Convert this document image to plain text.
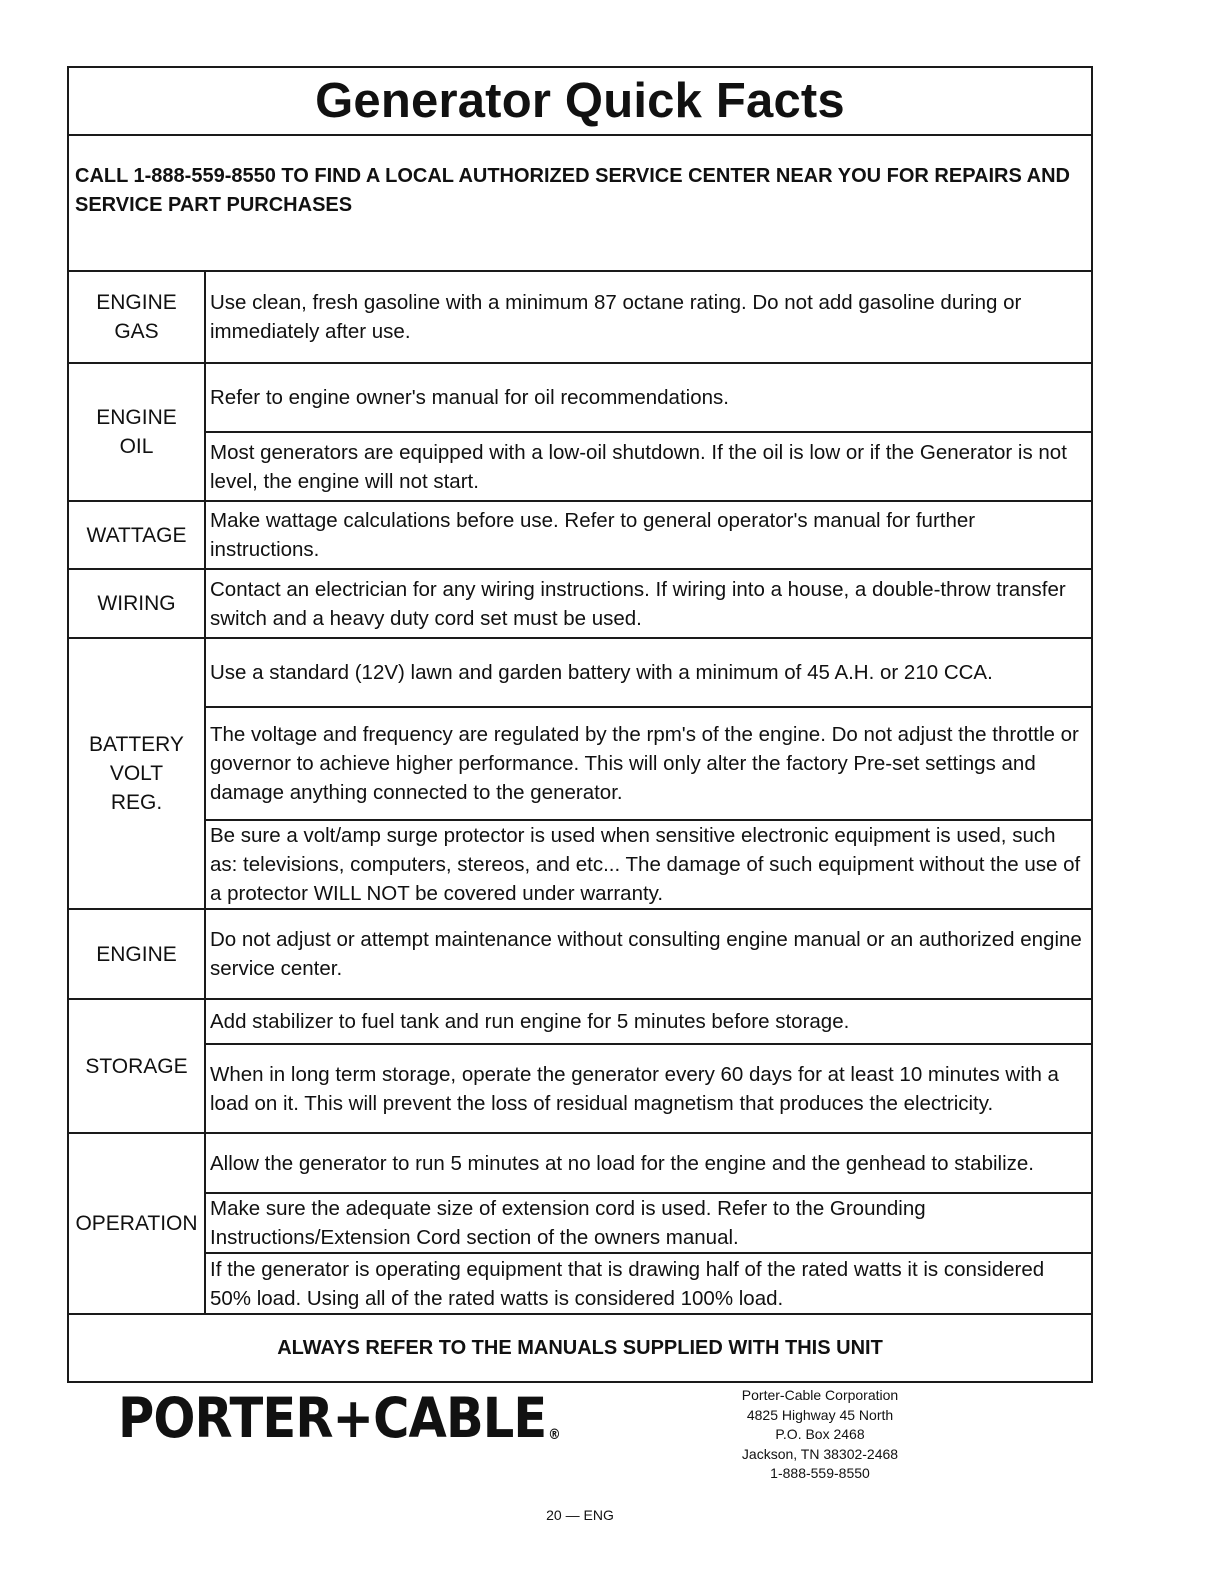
Generator Quick Facts	
CALL 1-888-559-8550 TO FIND A LOCAL AUTHORIZED SERVICE CENTER NEAR YOU FOR REPAIRS AND SERVICE PART PURCHASES	

ENGINE
GAS	Use clean, fresh gasoline with a minimum 87 octane rating. Do not add gasoline during or immediately after use.

ENGINE
OIL	Refer to engine owner's manual for oil recommendations.
	Most generators are equipped with a low-oil shutdown. If the oil is low or if the Generator is not level, the engine will not start.

WATTAGE	Make wattage calculations before use. Refer to general operator's manual for further instructions.

WIRING	Contact an electrician for any wiring instructions. If wiring into a house, a double-throw transfer switch and a heavy duty cord set must be used.

BATTERY
VOLT
REG.	Use a standard (12V) lawn and garden battery with a minimum of 45 A.H. or 210 CCA.
	The voltage and frequency are regulated by the rpm's of the engine. Do not adjust the throttle or governor to achieve higher performance. This will only alter the factory Pre-set settings and damage anything connected to the generator.
	Be sure a volt/amp surge protector is used when sensitive electronic equipment is used, such as: televisions, computers, stereos, and etc... The damage of such equipment without the use of a protector WILL NOT be covered under warranty.

ENGINE	Do not adjust or attempt maintenance without consulting engine manual or an authorized engine service center.

STORAGE	Add stabilizer to fuel tank and run engine for 5 minutes before storage.
	When in long term storage, operate the generator every 60 days for at least 10 minutes with a load on it. This will prevent the loss of residual magnetism that produces the electricity.

OPERATION	Allow the generator to run 5 minutes at no load for the engine and the genhead to stabilize.
	Make sure the adequate size of extension cord is used. Refer to the Grounding Instructions/Extension Cord section of the owners manual.
	If the generator is operating equipment that is drawing half of the rated watts it is considered 50% load. Using all of the rated watts is considered 100% load.
ALWAYS REFER TO THE MANUALS SUPPLIED WITH THIS UNIT	
PORTER+CABLE ®
Porter-Cable Corporation
4825 Highway 45 North
P.O. Box 2468
Jackson, TN 38302-2468
1-888-559-8550
20 — ENG
